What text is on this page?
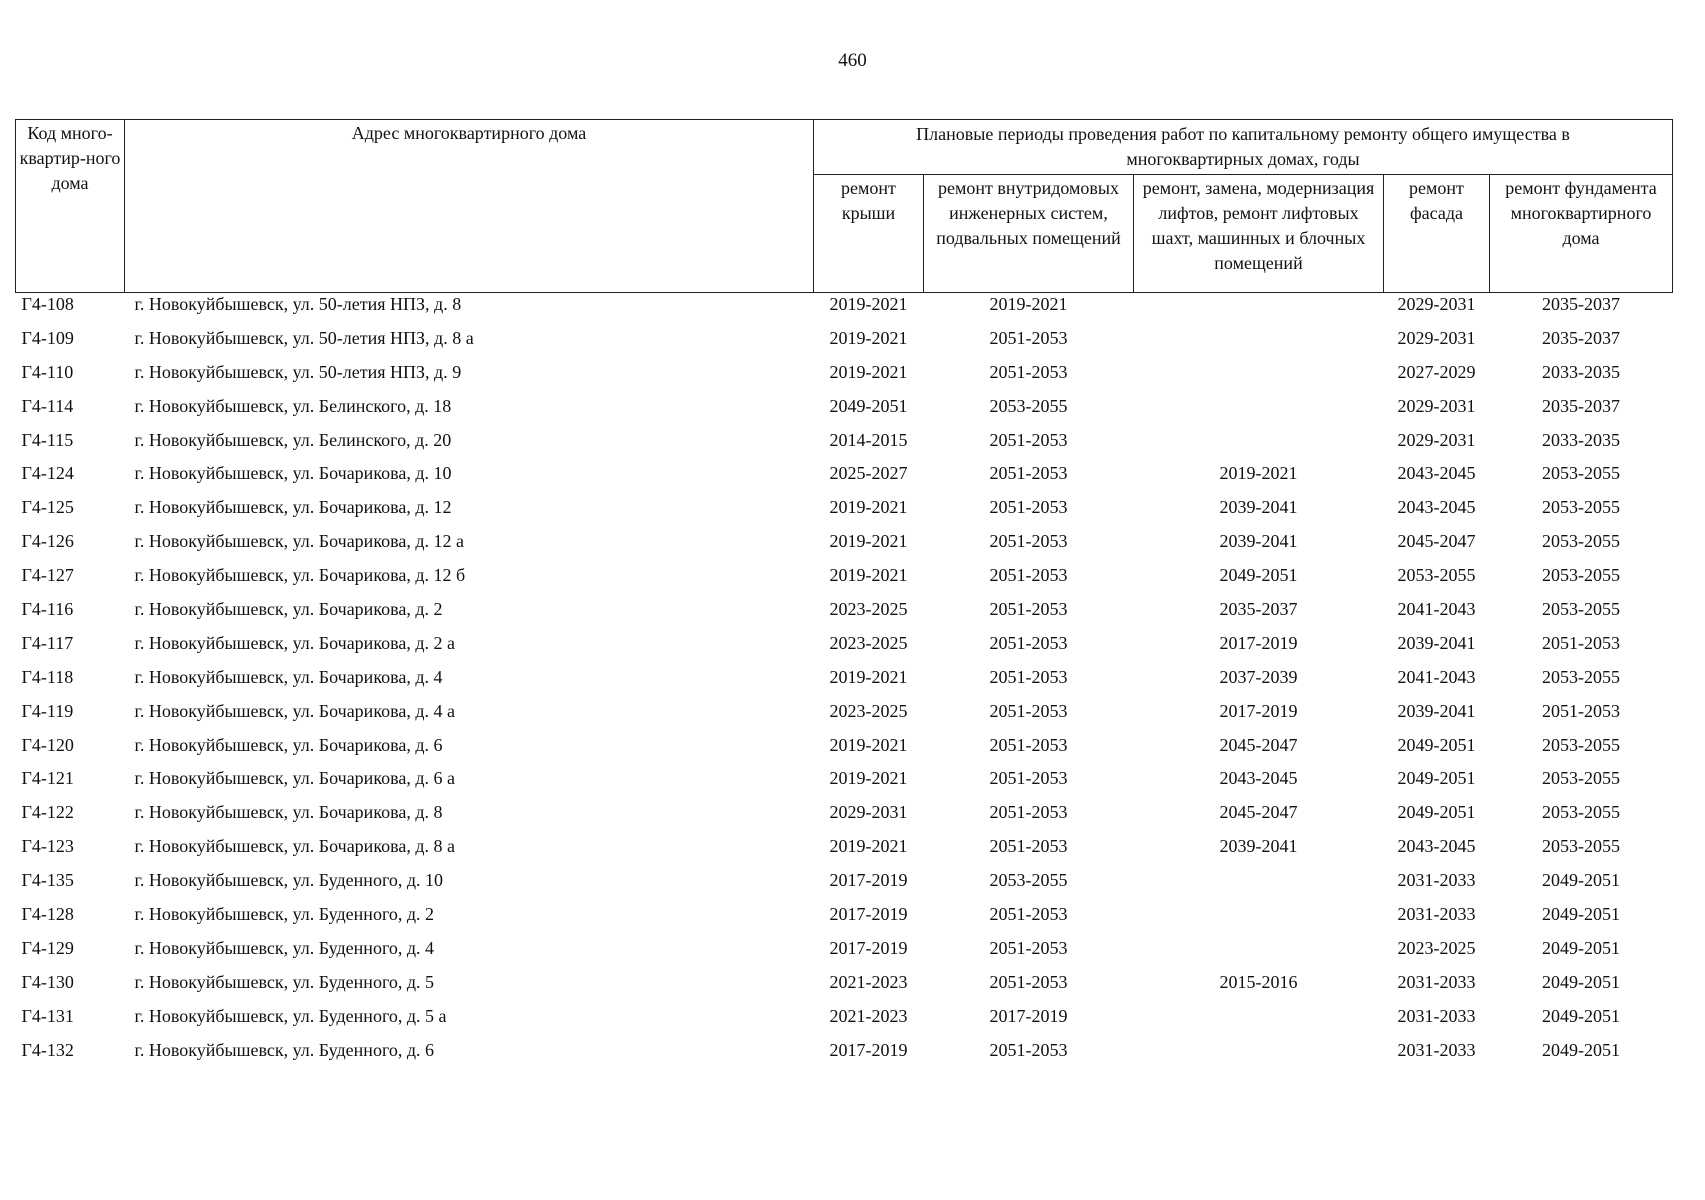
460
Код много-квартир-ного дома	Адрес многоквартирного дома	Плановые периоды проведения работ по капитальному ремонту общего имущества в многоквартирных домах, годы				
		ремонт крыши	ремонт внутридомовых инженерных систем, подвальных помещений	ремонт, замена, модернизация лифтов, ремонт лифтовых шахт, машинных и блочных помещений	ремонт фасада	ремонт фундамента многоквартирного дома
Г4-108	г. Новокуйбышевск, ул. 50-летия НПЗ, д. 8	2019-2021	2019-2021		2029-2031	2035-2037
Г4-109	г. Новокуйбышевск, ул. 50-летия НПЗ, д. 8 а	2019-2021	2051-2053		2029-2031	2035-2037
Г4-110	г. Новокуйбышевск, ул. 50-летия НПЗ, д. 9	2019-2021	2051-2053		2027-2029	2033-2035
Г4-114	г. Новокуйбышевск, ул. Белинского, д. 18	2049-2051	2053-2055		2029-2031	2035-2037
Г4-115	г. Новокуйбышевск, ул. Белинского, д. 20	2014-2015	2051-2053		2029-2031	2033-2035
Г4-124	г. Новокуйбышевск, ул. Бочарикова, д. 10	2025-2027	2051-2053	2019-2021	2043-2045	2053-2055
Г4-125	г. Новокуйбышевск, ул. Бочарикова, д. 12	2019-2021	2051-2053	2039-2041	2043-2045	2053-2055
Г4-126	г. Новокуйбышевск, ул. Бочарикова, д. 12 а	2019-2021	2051-2053	2039-2041	2045-2047	2053-2055
Г4-127	г. Новокуйбышевск, ул. Бочарикова, д. 12 б	2019-2021	2051-2053	2049-2051	2053-2055	2053-2055
Г4-116	г. Новокуйбышевск, ул. Бочарикова, д. 2	2023-2025	2051-2053	2035-2037	2041-2043	2053-2055
Г4-117	г. Новокуйбышевск, ул. Бочарикова, д. 2 а	2023-2025	2051-2053	2017-2019	2039-2041	2051-2053
Г4-118	г. Новокуйбышевск, ул. Бочарикова, д. 4	2019-2021	2051-2053	2037-2039	2041-2043	2053-2055
Г4-119	г. Новокуйбышевск, ул. Бочарикова, д. 4 а	2023-2025	2051-2053	2017-2019	2039-2041	2051-2053
Г4-120	г. Новокуйбышевск, ул. Бочарикова, д. 6	2019-2021	2051-2053	2045-2047	2049-2051	2053-2055
Г4-121	г. Новокуйбышевск, ул. Бочарикова, д. 6 а	2019-2021	2051-2053	2043-2045	2049-2051	2053-2055
Г4-122	г. Новокуйбышевск, ул. Бочарикова, д. 8	2029-2031	2051-2053	2045-2047	2049-2051	2053-2055
Г4-123	г. Новокуйбышевск, ул. Бочарикова, д. 8 а	2019-2021	2051-2053	2039-2041	2043-2045	2053-2055
Г4-135	г. Новокуйбышевск, ул. Буденного, д. 10	2017-2019	2053-2055		2031-2033	2049-2051
Г4-128	г. Новокуйбышевск, ул. Буденного, д. 2	2017-2019	2051-2053		2031-2033	2049-2051
Г4-129	г. Новокуйбышевск, ул. Буденного, д. 4	2017-2019	2051-2053		2023-2025	2049-2051
Г4-130	г. Новокуйбышевск, ул. Буденного, д. 5	2021-2023	2051-2053	2015-2016	2031-2033	2049-2051
Г4-131	г. Новокуйбышевск, ул. Буденного, д. 5 а	2021-2023	2017-2019		2031-2033	2049-2051
Г4-132	г. Новокуйбышевск, ул. Буденного, д. 6	2017-2019	2051-2053		2031-2033	2049-2051
